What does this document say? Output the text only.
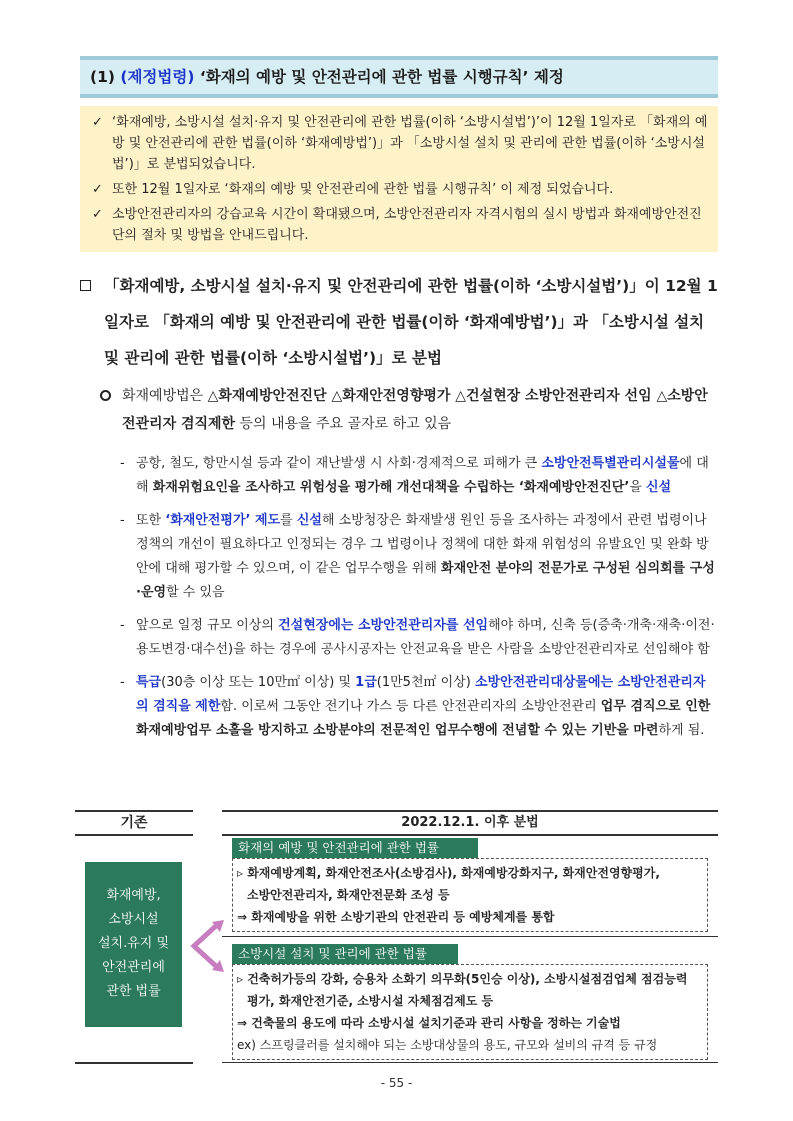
(1) (제정법령) ‘화재의 예방 및 안전관리에 관한 법률 시행규칙’ 제정
✓ ‘화재예방, 소방시설 설치·유지 및 안전관리에 관한 법률(이하 ‘소방시설법’)’이 12월 1일자로 「화재의 예방 및 안전관리에 관한 법률(이하 ‘화재예방법’)」과 「소방시설 설치 및 관리에 관한 법률(이하 ‘소방시설법’)」로 분법되었습니다.
✓ 또한 12월 1일자로 ‘화재의 예방 및 안전관리에 관한 법률 시행규칙’ 이 제정 되었습니다.
✓ 소방안전관리자의 강습교육 시간이 확대됐으며, 소방안전관리자 자격시험의 실시 방법과 화재예방안전진단의 절차 및 방법을 안내드립니다.
「화재예방, 소방시설 설치·유지 및 안전관리에 관한 법률(이하 ‘소방시설법’)」이 12월 1일자로 「화재의 예방 및 안전관리에 관한 법률(이하 ‘화재예방법’)」과 「소방시설 설치 및 관리에 관한 법률(이하 ‘소방시설법’)」로 분법
화재예방법은 △화재예방안전진단 △화재안전영향평가 △건설현장 소방안전관리자 선임 △소방안전관리자 겸직제한 등의 내용을 주요 골자로 하고 있음
- 공항, 철도, 항만시설 등과 같이 재난발생 시 사회·경제적으로 피해가 큰 소방안전특별관리시설물에 대해 화재위험요인을 조사하고 위험성을 평가해 개선대책을 수립하는 ‘화재예방안전진단’을 신설
- 또한 ‘화재안전평가’ 제도를 신설해 소방청장은 화재발생 원인 등을 조사하는 과정에서 관련 법령이나 정책의 개선이 필요하다고 인정되는 경우 그 법령이나 정책에 대한 화재 위험성의 유발요인 및 완화 방안에 대해 평가할 수 있으며, 이 같은 업무수행을 위해 화재안전 분야의 전문가로 구성된 심의회를 구성·운영할 수 있음
- 앞으로 일정 규모 이상의 건설현장에는 소방안전관리자를 선임해야 하며, 신축 등(증축·개축·재축·이전·용도변경·대수선)을 하는 경우에 공사시공자는 안전교육을 받은 사람을 소방안전관리자로 선임해야 함
- 특급(30층 이상 또는 10만㎡ 이상) 및 1급(1만5천㎡ 이상) 소방안전관리대상물에는 소방안전관리자의 겸직을 제한함. 이로써 그동안 전기나 가스 등 다른 안전관리자의 소방안전관리 업무 겸직으로 인한 화재예방업무 소홀을 방지하고 소방분야의 전문적인 업무수행에 전념할 수 있는 기반을 마련하게 됨.
기존	2022.12.1. 이후 분법
화재예방,
소방시설
설치.유지 및
안전관리에
관한 법률
화재의 예방 및 안전관리에 관한 법률
▹ 화재예방계획, 화재안전조사(소방검사), 화재예방강화지구, 화재안전영향평가,
소방안전관리자, 화재안전문화 조성 등
⇒ 화재예방을 위한 소방기관의 안전관리 등 예방체계를 통합
소방시설 설치 및 관리에 관한 법률
▹ 건축허가등의 강화, 승용차 소화기 의무화(5인승 이상), 소방시설점검업체 점검능력
평가, 화재안전기준, 소방시설 자체점검제도 등
⇒ 건축물의 용도에 따라 소방시설 설치기준과 관리 사항을 정하는 기술법
ex) 스프링클러를 설치해야 되는 소방대상물의 용도, 규모와 설비의 규격 등 규정
- 55 -
